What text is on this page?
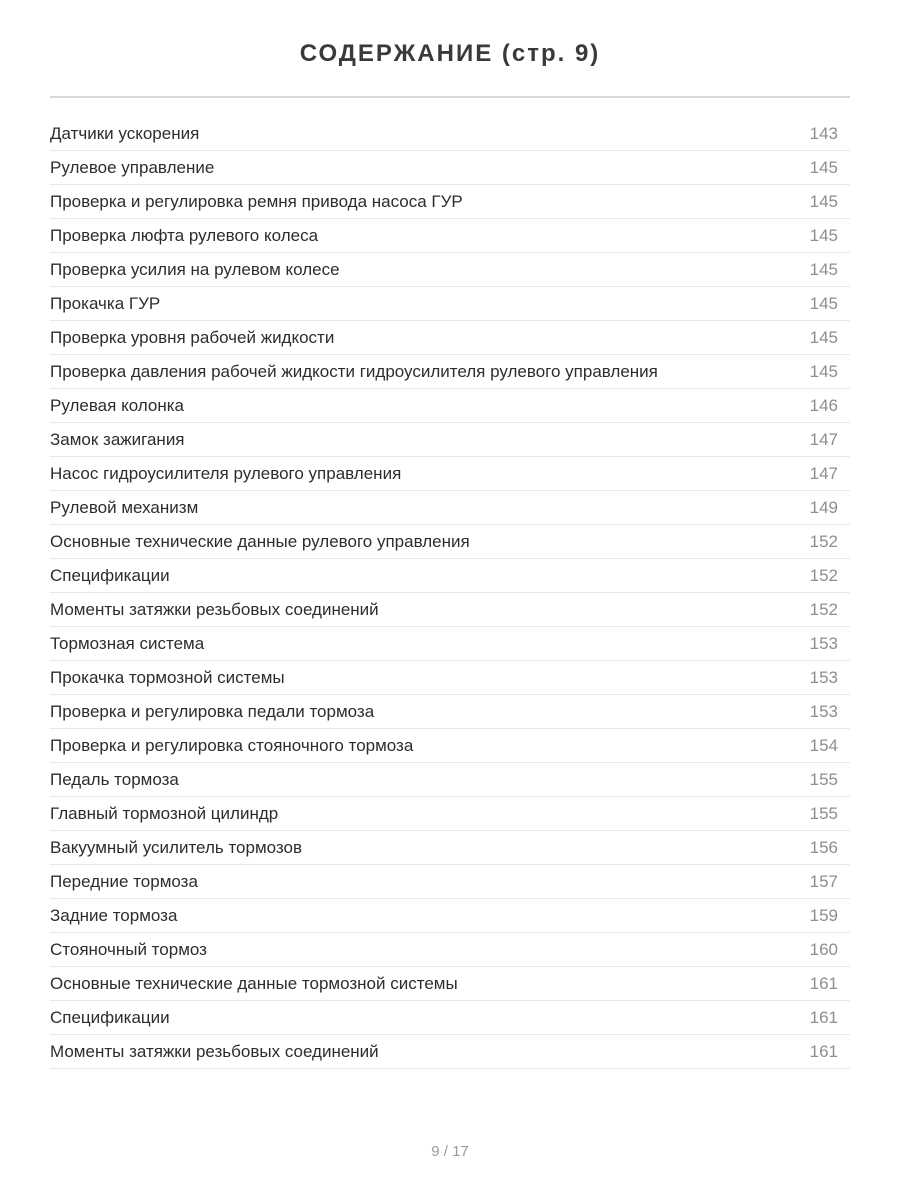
СОДЕРЖАНИЕ (стр. 9)
Датчики ускорения	143
Рулевое управление	145
Проверка и регулировка ремня привода насоса ГУР	145
Проверка люфта рулевого колеса	145
Проверка усилия на рулевом колесе	145
Прокачка ГУР	145
Проверка уровня рабочей жидкости	145
Проверка давления рабочей жидкости гидроусилителя рулевого управления	145
Рулевая колонка	146
Замок зажигания	147
Насос гидроусилителя рулевого управления	147
Рулевой механизм	149
Основные технические данные рулевого управления	152
Спецификации	152
Моменты затяжки резьбовых соединений	152
Тормозная система	153
Прокачка тормозной системы	153
Проверка и регулировка педали тормоза	153
Проверка и регулировка стояночного тормоза	154
Педаль тормоза	155
Главный тормозной цилиндр	155
Вакуумный усилитель тормозов	156
Передние тормоза	157
Задние тормоза	159
Стояночный тормоз	160
Основные технические данные тормозной системы	161
Спецификации	161
Моменты затяжки резьбовых соединений	161
9 / 17
